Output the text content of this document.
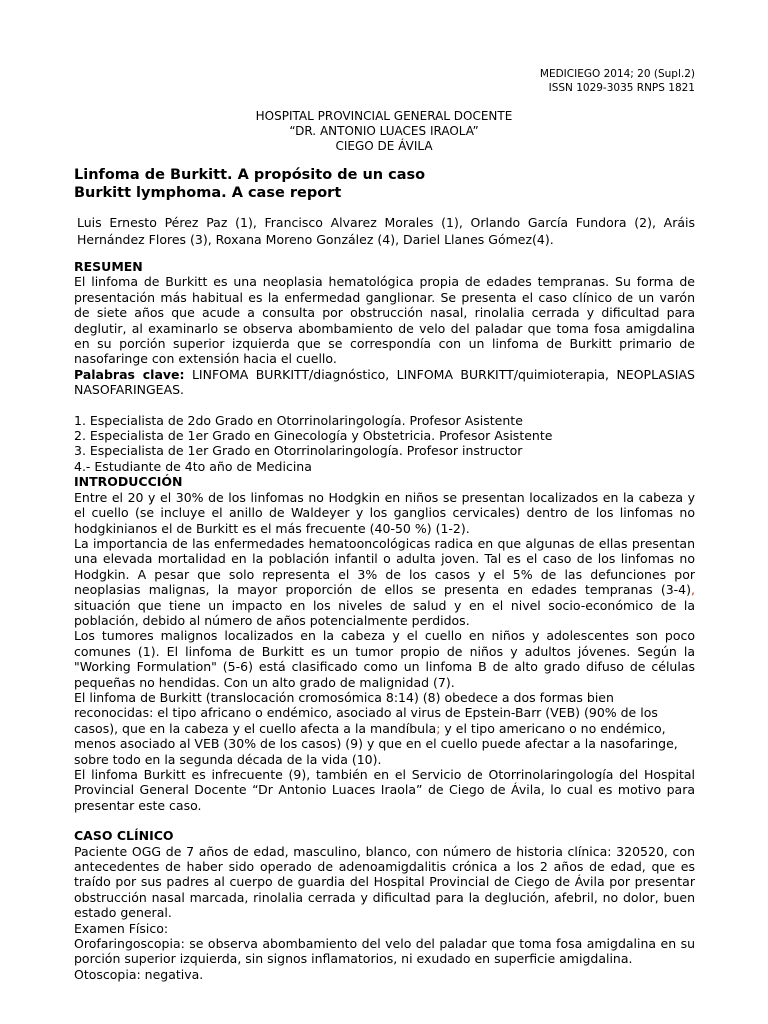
MEDICIEGO 2014; 20 (Supl.2)
ISSN 1029-3035 RNPS 1821
HOSPITAL PROVINCIAL GENERAL DOCENTE
“DR. ANTONIO LUACES IRAOLA”
CIEGO DE ÁVILA
Linfoma de Burkitt. A propósito de un caso
Burkitt lymphoma. A case report
Luis Ernesto Pérez Paz (1), Francisco Alvarez Morales (1), Orlando García Fundora (2), Aráis Hernández Flores (3), Roxana Moreno González (4), Dariel Llanes Gómez(4).

RESUMEN

El linfoma de Burkitt es una neoplasia hematológica propia de edades tempranas. Su forma de presentación más habitual es la enfermedad ganglionar. Se presenta el caso clínico de un varón de siete años que acude a consulta por obstrucción nasal, rinolalia cerrada y dificultad para deglutir, al examinarlo se observa abombamiento de velo del paladar que toma fosa amigdalina en su porción superior izquierda que se correspondía con un linfoma de Burkitt primario de nasofaringe con extensión hacia el cuello.

Palabras clave: LINFOMA BURKITT/diagnóstico, LINFOMA BURKITT/quimioterapia, NEOPLASIAS NASOFARINGEAS.

1. Especialista de 2do Grado en Otorrinolaringología. Profesor Asistente
2. Especialista de 1er Grado en Ginecología y Obstetricia. Profesor Asistente
3. Especialista de 1er Grado en Otorrinolaringología. Profesor instructor
4.- Estudiante de 4to año de Medicina

INTRODUCCIÓN

Entre el 20 y el 30% de los linfomas no Hodgkin en niños se presentan localizados en la cabeza y el cuello (se incluye el anillo de Waldeyer y los ganglios cervicales) dentro de los linfomas no hodgkinianos el de Burkitt es el más frecuente (40-50 %) (1-2).

La importancia de las enfermedades hematooncológicas radica en que algunas de ellas presentan una elevada mortalidad en la población infantil o adulta joven. Tal es el caso de los linfomas no Hodgkin. A pesar que solo representa el 3% de los casos y el 5% de las defunciones por neoplasias malignas, la mayor proporción de ellos se presenta en edades tempranas (3-4), situación que tiene un impacto en los niveles de salud y en el nivel socio-económico de la población, debido al número de años potencialmente perdidos.

Los tumores malignos localizados en la cabeza y el cuello en niños y adolescentes son poco comunes (1). El linfoma de Burkitt es un tumor propio de niños y adultos jóvenes. Según la "Working Formulation" (5-6) está clasificado como un linfoma B de alto grado difuso de células pequeñas no hendidas. Con un alto grado de malignidad (7).

El linfoma de Burkitt (translocación cromosómica 8:14) (8) obedece a dos formas bien reconocidas: el tipo africano o endémico, asociado al virus de Epstein-Barr (VEB) (90% de los casos), que en la cabeza y el cuello afecta a la mandíbula; y el tipo americano o no endémico, menos asociado al VEB (30% de los casos) (9) y que en el cuello puede afectar a la nasofaringe, sobre todo en la segunda década de la vida (10).

El linfoma Burkitt es infrecuente (9), también en el Servicio de Otorrinolaringología del Hospital Provincial General Docente “Dr Antonio Luaces Iraola” de Ciego de Ávila, lo cual es motivo para presentar este caso.

CASO CLÍNICO

Paciente OGG de 7 años de edad, masculino, blanco, con número de historia clínica: 320520, con antecedentes de haber sido operado de adenoamigdalitis crónica a los 2 años de edad, que es traído por sus padres al cuerpo de guardia del Hospital Provincial de Ciego de Ávila por presentar obstrucción nasal marcada, rinolalia cerrada y dificultad para la deglución, afebril, no dolor, buen estado general.

Examen Físico:

Orofaringoscopia: se observa abombamiento del velo del paladar que toma fosa amigdalina en su porción superior izquierda, sin signos inflamatorios, ni exudado en superficie amigdalina.

Otoscopia: negativa.
